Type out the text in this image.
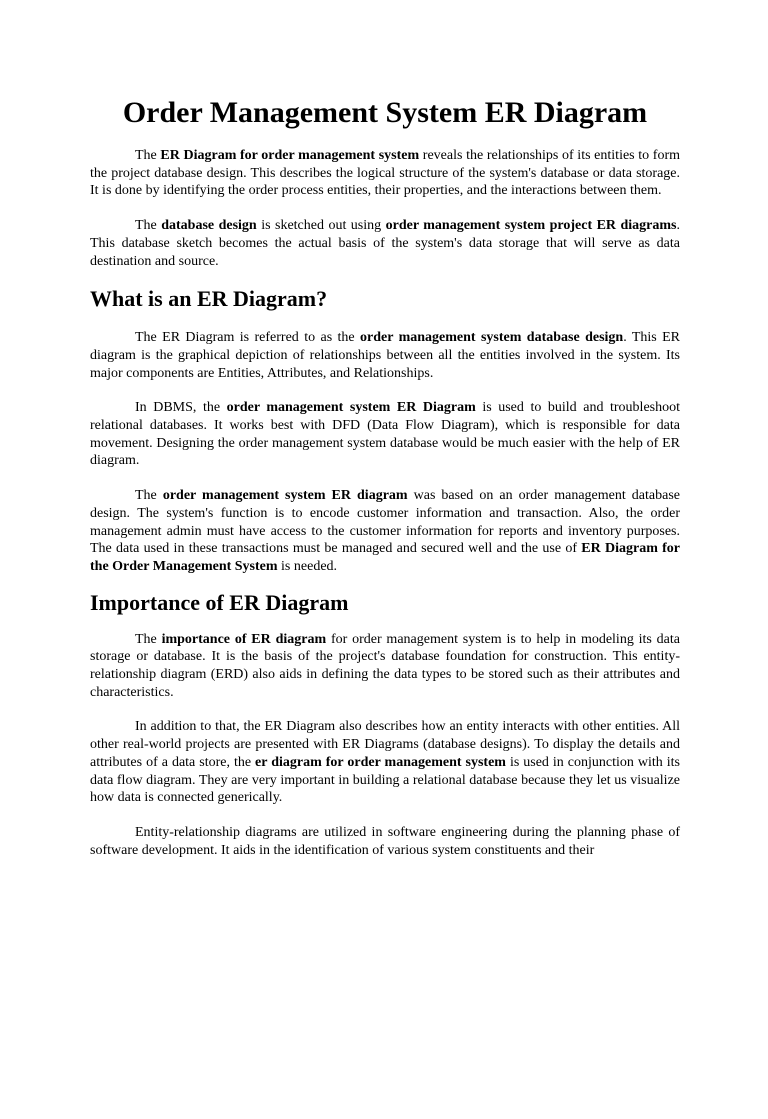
Order Management System ER Diagram

The ER Diagram for order management system reveals the relationships of its entities to form the project database design. This describes the logical structure of the system's database or data storage. It is done by identifying the order process entities, their properties, and the interactions between them.

The database design is sketched out using order management system project ER diagrams. This database sketch becomes the actual basis of the system's data storage that will serve as data destination and source.

What is an ER Diagram?

The ER Diagram is referred to as the order management system database design. This ER diagram is the graphical depiction of relationships between all the entities involved in the system. Its major components are Entities, Attributes, and Relationships.

In DBMS, the order management system ER Diagram is used to build and troubleshoot relational databases. It works best with DFD (Data Flow Diagram), which is responsible for data movement. Designing the order management system database would be much easier with the help of ER diagram.

The order management system ER diagram was based on an order management database design. The system's function is to encode customer information and transaction. Also, the order management admin must have access to the customer information for reports and inventory purposes. The data used in these transactions must be managed and secured well and the use of ER Diagram for the Order Management System is needed.

Importance of ER Diagram

The importance of ER diagram for order management system is to help in modeling its data storage or database. It is the basis of the project's database foundation for construction. This entity-relationship diagram (ERD) also aids in defining the data types to be stored such as their attributes and characteristics.

In addition to that, the ER Diagram also describes how an entity interacts with other entities. All other real-world projects are presented with ER Diagrams (database designs). To display the details and attributes of a data store, the er diagram for order management system is used in conjunction with its data flow diagram. They are very important in building a relational database because they let us visualize how data is connected generically.

Entity-relationship diagrams are utilized in software engineering during the planning phase of software development. It aids in the identification of various system constituents and their
